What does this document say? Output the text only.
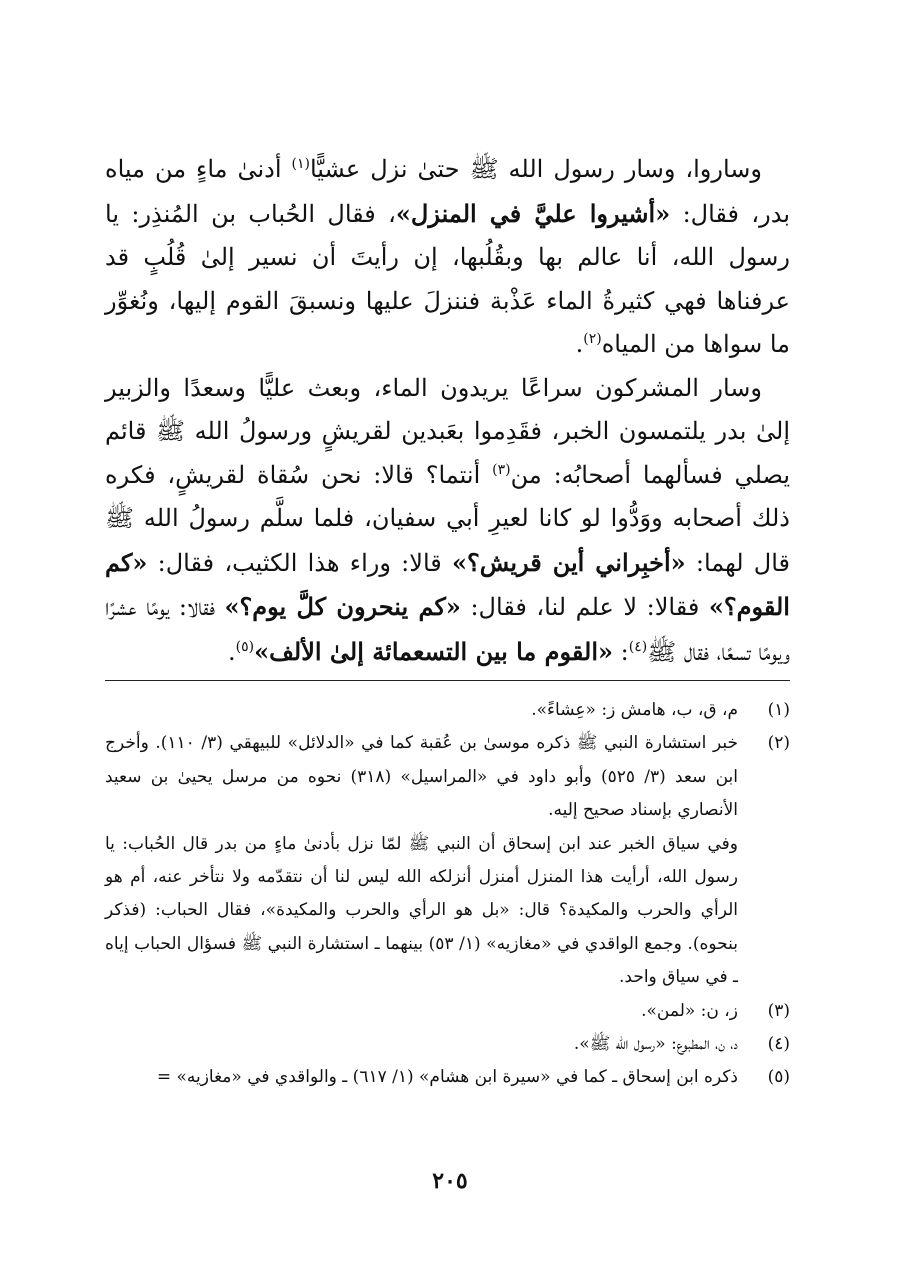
وساروا، وسار رسول الله ﷺ حتىٰ نزل عشيًّا$^{(١)}$ أدنىٰ ماءٍ من مياه بدر، فقال: «أشيروا عليَّ في المنزل»، فقال الحُباب بن المُنذِر: يا رسول الله، أنا عالم بها وبقُلُبها، إن رأيتَ أن نسير إلىٰ قُلُبٍ قد عرفناها فهي كثيرةُ الماء عَذْبة فننزلَ عليها ونسبقَ القوم إليها، ونُغوِّر ما سواها من المياه$^{(٢)}$.

وسار المشركون سراعًا يريدون الماء، وبعث عليًّا وسعدًا والزبير إلىٰ بدر يلتمسون الخبر، فقَدِموا بعَبدين لقريشٍ ورسولُ الله ﷺ قائم يصلي فسألهما أصحابُه: من$^{(٣)}$ أنتما؟ قالا: نحن سُقاة لقريشٍ، فكره ذلك أصحابه ووَدُّوا لو كانا لعيرِ أبي سفيان، فلما سلَّم رسولُ الله ﷺ قال لهما: «أخبِراني أين قريش؟» قالا: وراء هذا الكثيب، فقال: «كم القوم؟» فقالا: لا علم لنا، فقال: «كم ينحرون كلَّ يوم؟» فقالا: يومًا عشرًا ويومًا تسعًا، فقال ﷺ$^{(٤)}$: «القوم ما بين التسعمائة إلىٰ الألف»$^{(٥)}$.

(١)

م، ق، ب، هامش ز: «عِشاءً».

(٢)

خبر استشارة النبي ﷺ ذكره موسىٰ بن عُقبة كما في «الدلائل» للبيهقي (٣/ ١١٠). وأخرج ابن سعد (٣/ ٥٢٥) وأبو داود في «المراسيل» (٣١٨) نحوه من مرسل يحيىٰ بن سعيد الأنصاري بإسناد صحيح إليه.

وفي سياق الخبر عند ابن إسحاق أن النبي ﷺ لمّا نزل بأدنىٰ ماءٍ من بدر قال الحُباب: يا رسول الله، أرأيت هذا المنزل أمنزل أنزلكه الله ليس لنا أن نتقدّمه ولا نتأخر عنه، أم هو الرأي والحرب والمكيدة؟ قال: «بل هو الرأي والحرب والمكيدة»، فقال الحباب: (فذكر بنحوه). وجمع الواقدي في «مغازيه» (١/ ٥٣) بينهما ـ استشارة النبي ﷺ فسؤال الحباب إياه ـ في سياق واحد.

(٣)

ز، ن: «لمن».

(٤)

د، ن، المطبوع: «رسول الله ﷺ».

(٥)

ذكره ابن إسحاق ـ كما في «سيرة ابن هشام» (١/ ٦١٧) ـ والواقدي في «مغازيه» =

٢٠٥
